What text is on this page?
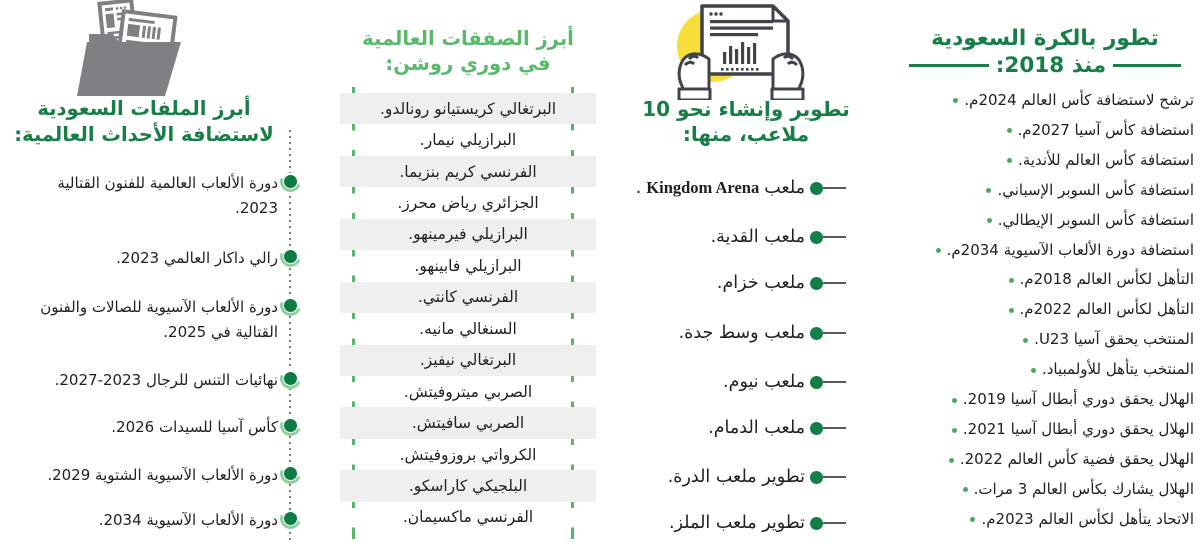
تطور بالكرة السعودية
منذ 2018:
ترشح لاستضافة كأس العالم 2024م.
استضافة كأس آسيا 2027م.
استضافة كأس العالم للأندية.
استضافة كأس السوبر الإسباني.
استضافة كأس السوبر الإيطالي.
استضافة دورة الألعاب الآسيوية 2034م.
التأهل لكأس العالم 2018م.
التأهل لكأس العالم 2022م.
المنتخب يحقق آسيا U23.
المنتخب يتأهل للأولمبياد.
الهلال يحقق دوري أبطال آسيا 2019.
الهلال يحقق دوري أبطال آسيا 2021.
الهلال يحقق فضية كأس العالم 2022.
الهلال يشارك بكأس العالم 3 مرات.
الاتحاد يتأهل لكأس العالم 2023م.
تطوير وإنشاء نحو 10
ملاعب، منها:
ملعبKingdom Arena.
ملعب القدية.
ملعب خزام.
ملعب وسط جدة.
ملعب نيوم.
ملعب الدمام.
تطوير ملعب الدرة.
تطوير ملعب الملز.
أبرز الصفقات العالمية
في دوري روشن:
البرتغالي كريستيانو رونالدو.
البرازيلي نيمار.
الفرنسي كريم بنزيما.
الجزائري رياض محرز.
البرازيلي فيرمينهو.
البرازيلي فابينهو.
الفرنسي كانتي.
السنغالي مانيه.
البرتغالي نيفيز.
الصربي ميتروفيتش.
الصربي سافيتش.
الكرواتي بروزوفيتش.
البلجيكي كاراسكو.
الفرنسي ماكسيمان.
أبرز الملفات السعودية
لاستضافة الأحداث العالمية:
دورة الألعاب العالمية للفنون القتالية
2023.
رالي داكار العالمي 2023.
دورة الألعاب الآسيوية للصالات والفنون
القتالية في 2025.
نهائيات التنس للرجال 2023-2027.
كأس آسيا للسيدات 2026.
دورة الألعاب الآسيوية الشتوية 2029.
دورة الألعاب الآسيوية 2034.
